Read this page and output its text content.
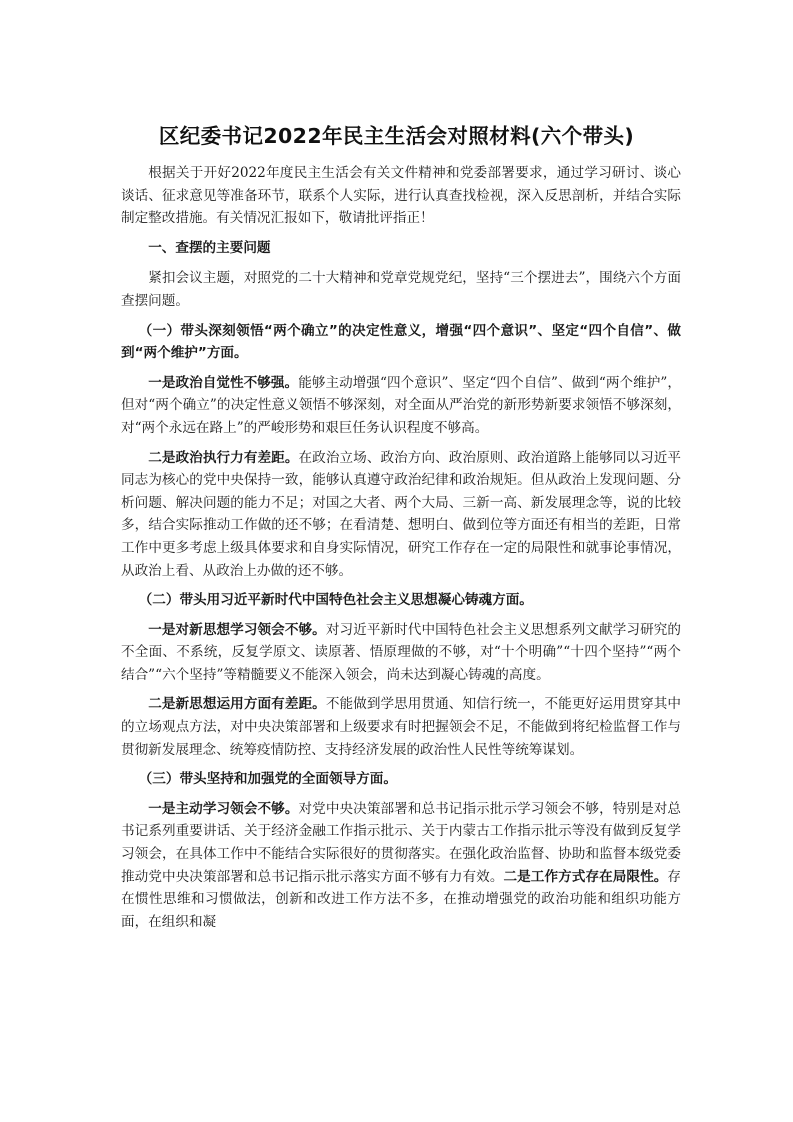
区纪委书记2022年民主生活会对照材料(六个带头)

根据关于开好2022年度民主生活会有关文件精神和党委部署要求，通过学习研讨、谈心谈话、征求意见等准备环节，联系个人实际，进行认真查找检视，深入反思剖析，并结合实际制定整改措施。有关情况汇报如下，敬请批评指正！

一、查摆的主要问题

紧扣会议主题，对照党的二十大精神和党章党规党纪，坚持“三个摆进去”，围绕六个方面查摆问题。

（一）带头深刻领悟“两个确立”的决定性意义，增强“四个意识”、坚定“四个自信”、做到“两个维护”方面。

一是政治自觉性不够强。能够主动增强“四个意识”、坚定“四个自信”、做到“两个维护”，但对“两个确立”的决定性意义领悟不够深刻，对全面从严治党的新形势新要求领悟不够深刻，对“两个永远在路上”的严峻形势和艰巨任务认识程度不够高。

二是政治执行力有差距。在政治立场、政治方向、政治原则、政治道路上能够同以习近平同志为核心的党中央保持一致，能够认真遵守政治纪律和政治规矩。但从政治上发现问题、分析问题、解决问题的能力不足；对国之大者、两个大局、三新一高、新发展理念等，说的比较多，结合实际推动工作做的还不够；在看清楚、想明白、做到位等方面还有相当的差距，日常工作中更多考虑上级具体要求和自身实际情况，研究工作存在一定的局限性和就事论事情况，从政治上看、从政治上办做的还不够。

（二）带头用习近平新时代中国特色社会主义思想凝心铸魂方面。

一是对新思想学习领会不够。对习近平新时代中国特色社会主义思想系列文献学习研究的不全面、不系统，反复学原文、读原著、悟原理做的不够，对“十个明确”“十四个坚持”“两个结合”“六个坚持”等精髓要义不能深入领会，尚未达到凝心铸魂的高度。

二是新思想运用方面有差距。不能做到学思用贯通、知信行统一，不能更好运用贯穿其中的立场观点方法，对中央决策部署和上级要求有时把握领会不足，不能做到将纪检监督工作与贯彻新发展理念、统筹疫情防控、支持经济发展的政治性人民性等统筹谋划。

（三）带头坚持和加强党的全面领导方面。

一是主动学习领会不够。对党中央决策部署和总书记指示批示学习领会不够，特别是对总书记系列重要讲话、关于经济金融工作指示批示、关于内蒙古工作指示批示等没有做到反复学习领会，在具体工作中不能结合实际很好的贯彻落实。在强化政治监督、协助和监督本级党委推动党中央决策部署和总书记指示批示落实方面不够有力有效。二是工作方式存在局限性。存在惯性思维和习惯做法，创新和改进工作方法不多，在推动增强党的政治功能和组织功能方面，在组织和凝
